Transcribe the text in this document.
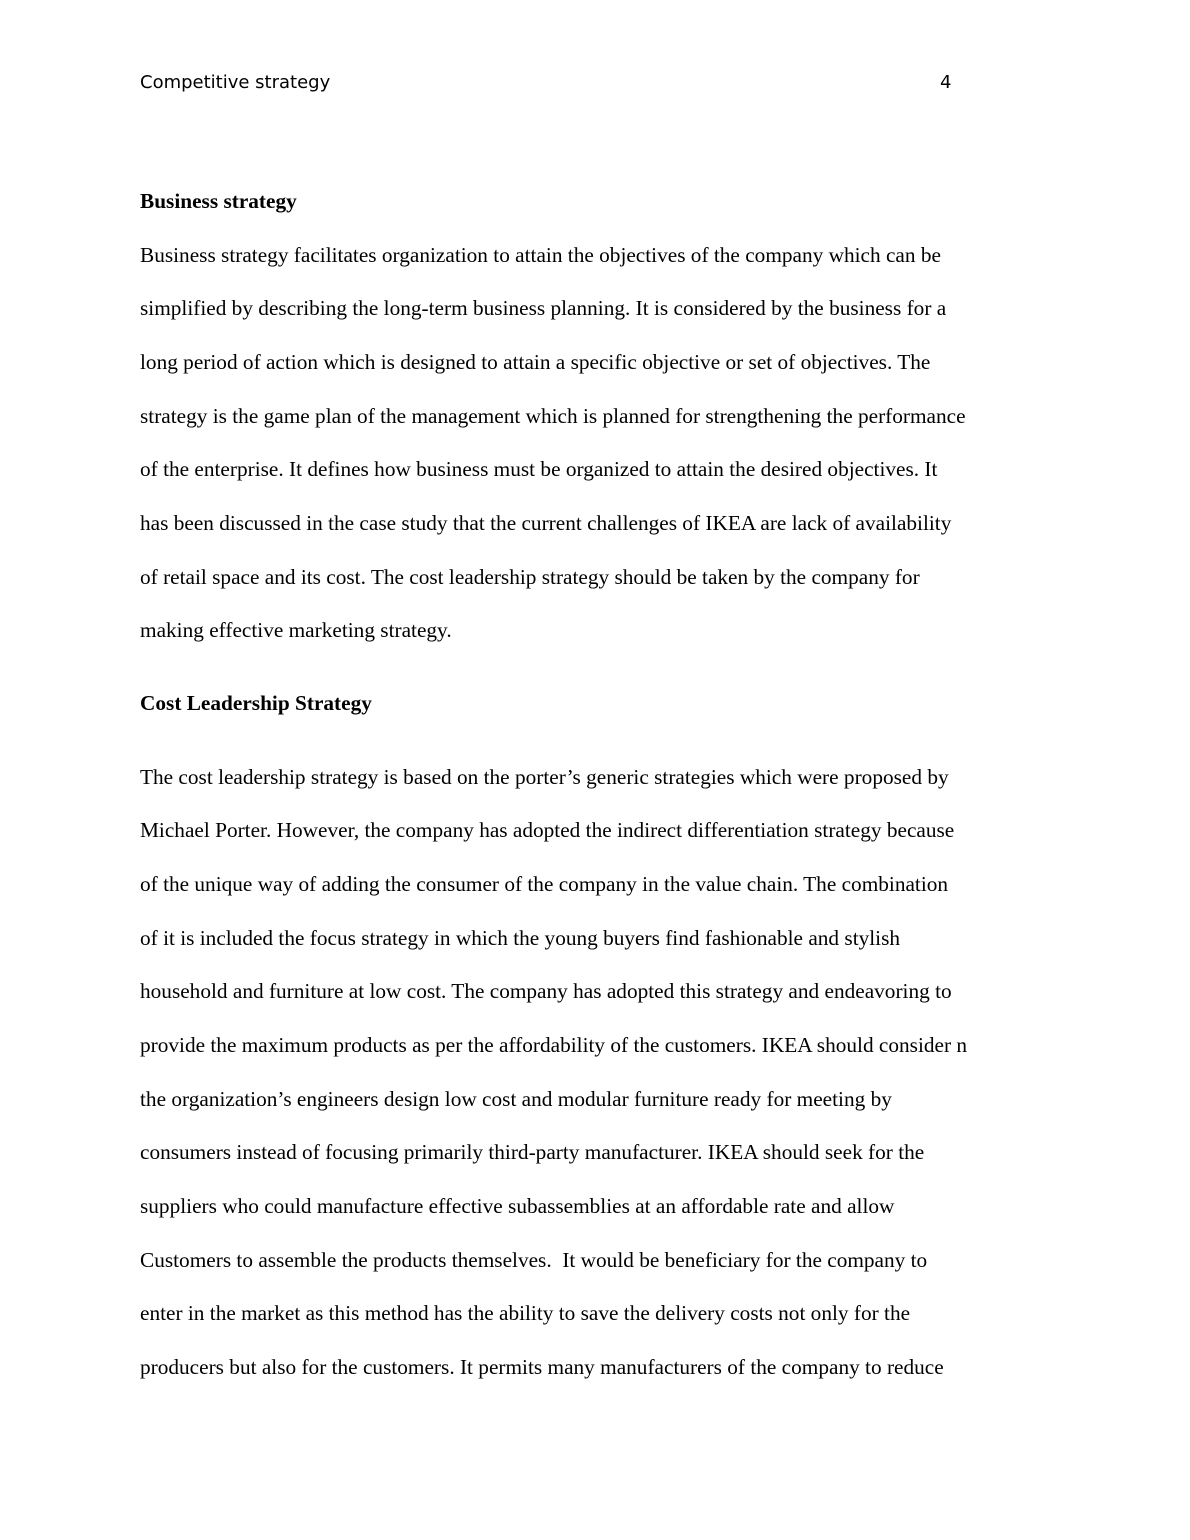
Competitive strategy	4

Business strategy

Business strategy facilitates organization to attain the objectives of the company which can be

simplified by describing the long-term business planning. It is considered by the business for a

long period of action which is designed to attain a specific objective or set of objectives. The

strategy is the game plan of the management which is planned for strengthening the performance

of the enterprise. It defines how business must be organized to attain the desired objectives. It

has been discussed in the case study that the current challenges of IKEA are lack of availability

of retail space and its cost. The cost leadership strategy should be taken by the company for

making effective marketing strategy.

Cost Leadership Strategy

The cost leadership strategy is based on the porter’s generic strategies which were proposed by

Michael Porter. However, the company has adopted the indirect differentiation strategy because

of the unique way of adding the consumer of the company in the value chain. The combination

of it is included the focus strategy in which the young buyers find fashionable and stylish

household and furniture at low cost. The company has adopted this strategy and endeavoring to

provide the maximum products as per the affordability of the customers. IKEA should consider n

the organization’s engineers design low cost and modular furniture ready for meeting by

consumers instead of focusing primarily third-party manufacturer. IKEA should seek for the

suppliers who could manufacture effective subassemblies at an affordable rate and allow

Customers to assemble the products themselves.  It would be beneficiary for the company to

enter in the market as this method has the ability to save the delivery costs not only for the

producers but also for the customers. It permits many manufacturers of the company to reduce
